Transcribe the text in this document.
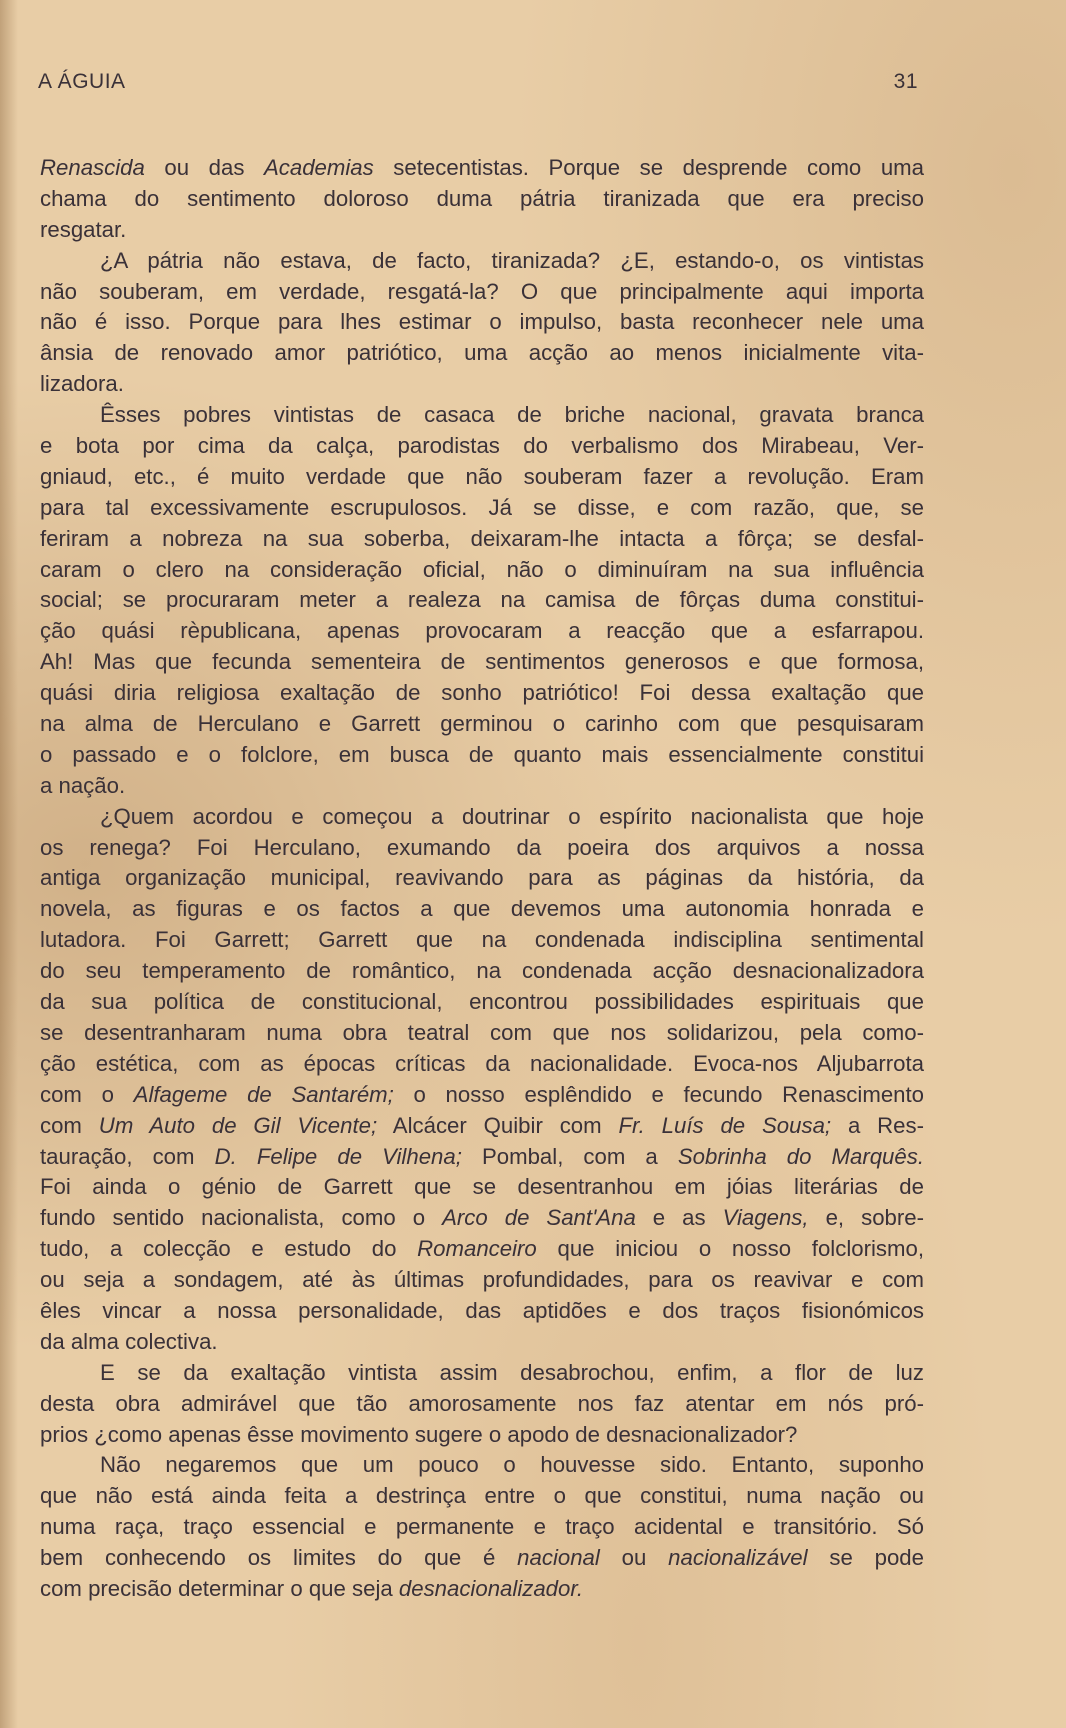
A ÁGUIA	31
Renascida ou das Academias setecentistas. Porque se desprende como uma
chama do sentimento doloroso duma pátria tiranizada que era preciso
resgatar.
¿A pátria não estava, de facto, tiranizada? ¿E, estando-o, os vintistas
não souberam, em verdade, resgatá-la? O que principalmente aqui importa
não é isso. Porque para lhes estimar o impulso, basta reconhecer nele uma
ânsia de renovado amor patriótico, uma acção ao menos inicialmente vita-
lizadora.
Êsses pobres vintistas de casaca de briche nacional, gravata branca
e bota por cima da calça, parodistas do verbalismo dos Mirabeau, Ver-
gniaud, etc., é muito verdade que não souberam fazer a revolução. Eram
para tal excessivamente escrupulosos. Já se disse, e com razão, que, se
feriram a nobreza na sua soberba, deixaram-lhe intacta a fôrça; se desfal-
caram o clero na consideração oficial, não o diminuíram na sua influência
social; se procuraram meter a realeza na camisa de fôrças duma constitui-
ção quási rèpublicana, apenas provocaram a reacção que a esfarrapou.
Ah! Mas que fecunda sementeira de sentimentos generosos e que formosa,
quási diria religiosa exaltação de sonho patriótico! Foi dessa exaltação que
na alma de Herculano e Garrett germinou o carinho com que pesquisaram
o passado e o folclore, em busca de quanto mais essencialmente constitui
a nação.
¿Quem acordou e começou a doutrinar o espírito nacionalista que hoje
os renega? Foi Herculano, exumando da poeira dos arquivos a nossa
antiga organização municipal, reavivando para as páginas da história, da
novela, as figuras e os factos a que devemos uma autonomia honrada e
lutadora. Foi Garrett; Garrett que na condenada indisciplina sentimental
do seu temperamento de romântico, na condenada acção desnacionalizadora
da sua política de constitucional, encontrou possibilidades espirituais que
se desentranharam numa obra teatral com que nos solidarizou, pela como-
ção estética, com as épocas críticas da nacionalidade. Evoca-nos Aljubarrota
com o Alfageme de Santarém; o nosso esplêndido e fecundo Renascimento
com Um Auto de Gil Vicente; Alcácer Quibir com Fr. Luís de Sousa; a Res-
tauração, com D. Felipe de Vilhena; Pombal, com a Sobrinha do Marquês.
Foi ainda o génio de Garrett que se desentranhou em jóias literárias de
fundo sentido nacionalista, como o Arco de Sant'Ana e as Viagens, e, sobre-
tudo, a colecção e estudo do Romanceiro que iniciou o nosso folclorismo,
ou seja a sondagem, até às últimas profundidades, para os reavivar e com
êles vincar a nossa personalidade, das aptidões e dos traços fisionómicos
da alma colectiva.
E se da exaltação vintista assim desabrochou, enfim, a flor de luz
desta obra admirável que tão amorosamente nos faz atentar em nós pró-
prios ¿como apenas êsse movimento sugere o apodo de desnacionalizador?
Não negaremos que um pouco o houvesse sido. Entanto, suponho
que não está ainda feita a destrinça entre o que constitui, numa nação ou
numa raça, traço essencial e permanente e traço acidental e transitório. Só
bem conhecendo os limites do que é nacional ou nacionalizável se pode
com precisão determinar o que seja desnacionalizador.
